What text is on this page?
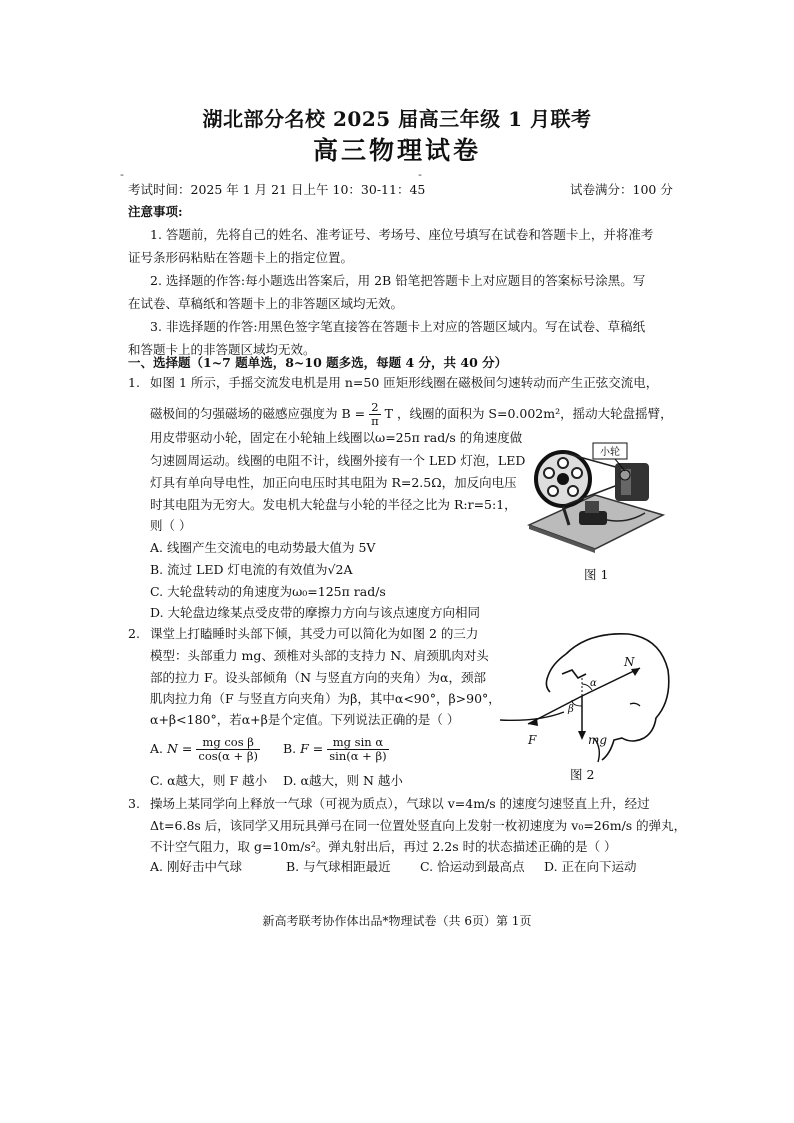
湖北部分名校 2025 届高三年级 1 月联考
高三物理试卷
-	-
考试时间：2025 年 1 月 21 日上午 10：30-11：45	试卷满分：100 分
注意事项:
1. 答题前，先将自己的姓名、准考证号、考场号、座位号填写在试卷和答题卡上，并将准考
证号条形码粘贴在答题卡上的指定位置。
2. 选择题的作答:每小题选出答案后，用 2B 铅笔把答题卡上对应题目的答案标号涂黑。写
在试卷、草稿纸和答题卡上的非答题区域均无效。
3. 非选择题的作答:用黑色签字笔直接答在答题卡上对应的答题区域内。写在试卷、草稿纸
和答题卡上的非答题区域均无效。
一、选择题（1~7 题单选，8~10 题多选，每题 4 分，共 40 分）
1. 如图 1 所示，手摇交流发电机是用 n=50 匝矩形线圈在磁极间匀速转动而产生正弦交流电，
磁极间的匀强磁场的磁感应强度为 $B = \frac{2}{\pi}$ T ，线圈的面积为 S=0.002m²，摇动大轮盘摇臂，
用皮带驱动小轮，固定在小轮轴上线圈以ω=25π rad/s 的角速度做
匀速圆周运动。线圈的电阻不计，线圈外接有一个 LED 灯泡，LED
灯具有单向导电性，加正向电压时其电阻为 R=2.5Ω，加反向电压
时其电阻为无穷大。发电机大轮盘与小轮的半径之比为 R:r=5:1，
则（ ）
A. 线圈产生交流电的电动势最大值为 5V
B. 流过 LED 灯电流的有效值为√2A
C. 大轮盘转动的角速度为ω₀=125π rad/s
D. 大轮盘边缘某点受皮带的摩擦力方向与该点速度方向相同
小轮
图 1
2. 课堂上打瞌睡时头部下倾，其受力可以简化为如图 2 的三力
模型：头部重力 mg、颈椎对头部的支持力 N、肩颈肌肉对头
部的拉力 F。设头部倾角（N 与竖直方向的夹角）为α，颈部
肌肉拉力角（F 与竖直方向夹角）为β，其中α<90°，β>90°，
α+β<180°，若α+β是个定值。下列说法正确的是（ ）
A. $N = \frac{\text{mg cos β}}{\cos(\alpha + \beta)} B$. $F = \frac{\text{mg sin α}}{\sin(\alpha + \beta)}$
C. α越大，则 F 越小 D. α越大，则 N 越小
N
F	mg
α
β
图 2
3. 操场上某同学向上释放一气球（可视为质点），气球以 v=4m/s 的速度匀速竖直上升，经过
Δt=6.8s 后，该同学又用玩具弹弓在同一位置处竖直向上发射一枚初速度为 v₀=26m/s 的弹丸，
不计空气阻力，取 g=10m/s²。弹丸射出后，再过 2.2s 时的状态描述正确的是（ ）
A. 刚好击中气球	B. 与气球相距最近 C. 恰运动到最高点 D. 正在向下运动
新高考联考协作体出品*物理试卷（共 6页）第 1页
